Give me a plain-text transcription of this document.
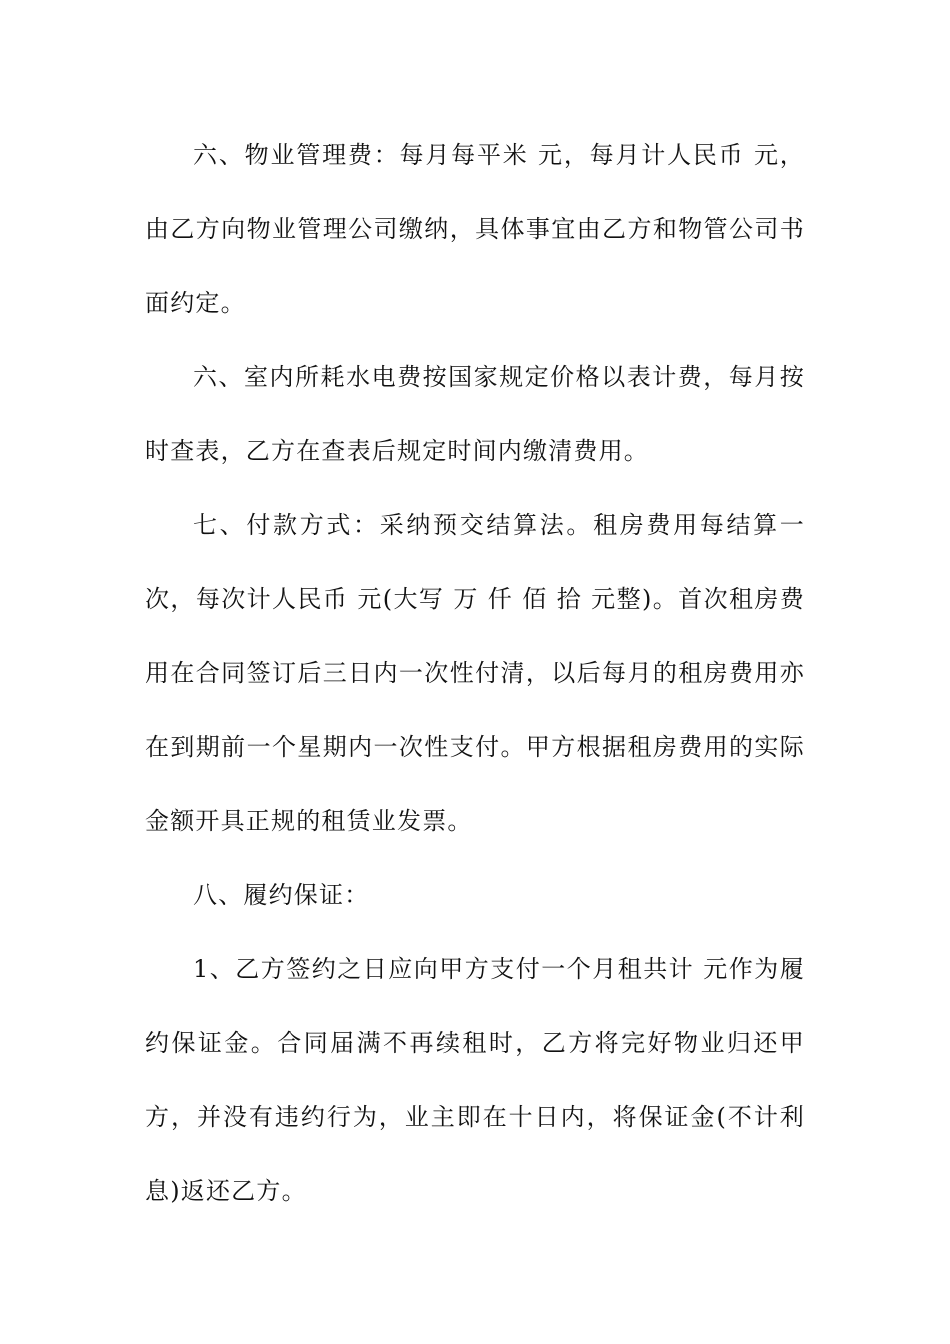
六、物业管理费：每月每平米 元，每月计人民币 元，由乙方向物业管理公司缴纳，具体事宜由乙方和物管公司书面约定。

六、室内所耗水电费按国家规定价格以表计费，每月按时查表，乙方在查表后规定时间内缴清费用。

七、付款方式：采纳预交结算法。租房费用每结算一次，每次计人民币 元(大写 万 仟 佰 拾 元整)。首次租房费用在合同签订后三日内一次性付清，以后每月的租房费用亦在到期前一个星期内一次性支付。甲方根据租房费用的实际金额开具正规的租赁业发票。

八、履约保证：

1、乙方签约之日应向甲方支付一个月租共计 元作为履约保证金。合同届满不再续租时，乙方将完好物业归还甲方，并没有违约行为，业主即在十日内，将保证金(不计利息)返还乙方。
